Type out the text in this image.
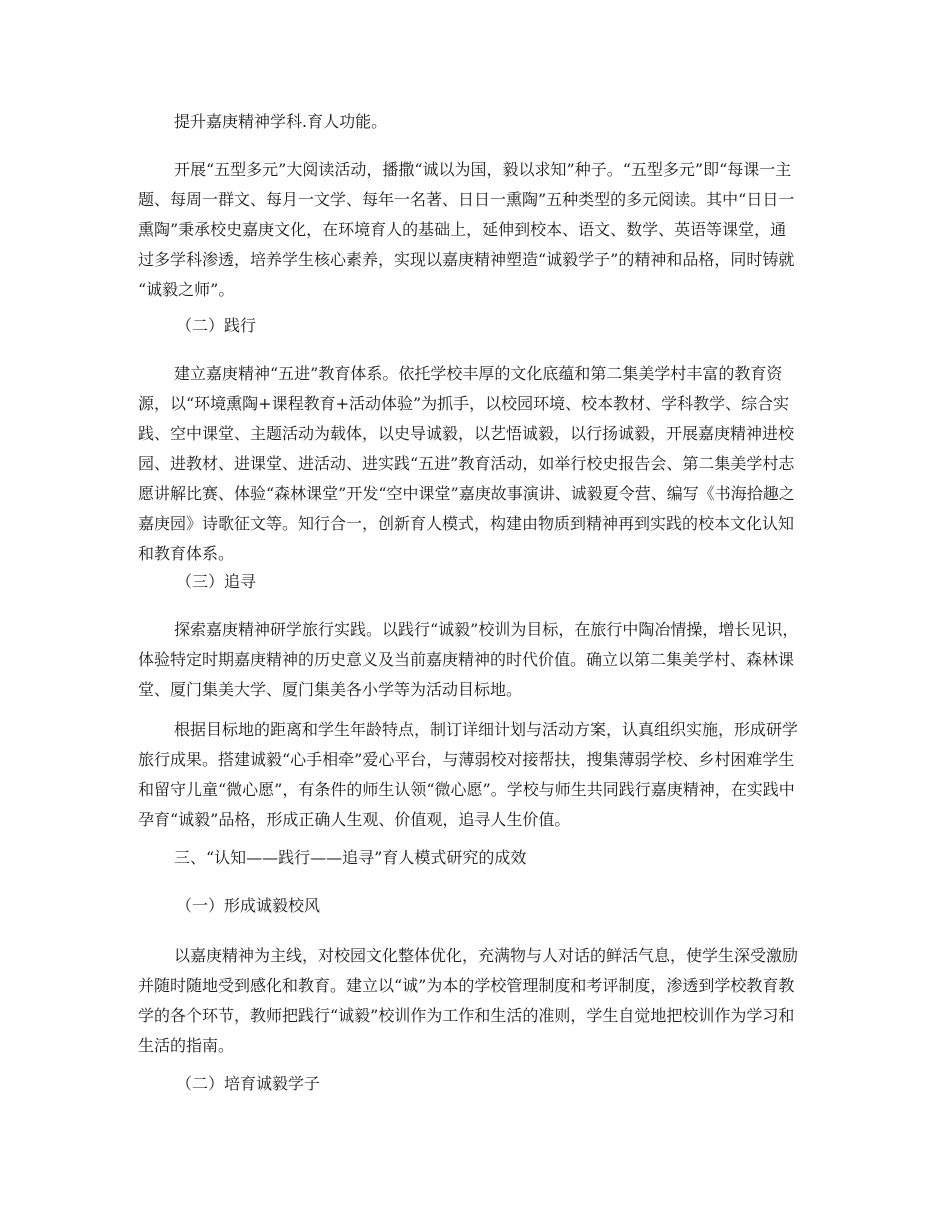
提升嘉庚精神学科.育人功能。
开展“五型多元”大阅读活动，播撒“诚以为国，毅以求知”种子。“五型多元”即“每课一主
题、每周一群文、每月一文学、每年一名著、日日一熏陶”五种类型的多元阅读。其中“日日一
熏陶”秉承校史嘉庚文化，在环境育人的基础上，延伸到校本、语文、数学、英语等课堂，通
过多学科渗透，培养学生核心素养，实现以嘉庚精神塑造“诚毅学子”的精神和品格，同时铸就
“诚毅之师”。
（二）践行
建立嘉庚精神“五进”教育体系。依托学校丰厚的文化底蕴和第二集美学村丰富的教育资
源，以“环境熏陶+课程教育+活动体验”为抓手，以校园环境、校本教材、学科教学、综合实
践、空中课堂、主题活动为载体，以史导诚毅，以艺悟诚毅，以行扬诚毅，开展嘉庚精神进校
园、进教材、进课堂、进活动、进实践“五进”教育活动，如举行校史报告会、第二集美学村志
愿讲解比赛、体验“森林课堂”开发“空中课堂”嘉庚故事演讲、诚毅夏令营、编写《书海拾趣之
嘉庚园》诗歌征文等。知行合一，创新育人模式，构建由物质到精神再到实践的校本文化认知
和教育体系。
（三）追寻
探索嘉庚精神研学旅行实践。以践行“诚毅”校训为目标，在旅行中陶冶情操，增长见识，
体验特定时期嘉庚精神的历史意义及当前嘉庚精神的时代价值。确立以第二集美学村、森林课
堂、厦门集美大学、厦门集美各小学等为活动目标地。
根据目标地的距离和学生年龄特点，制订详细计划与活动方案，认真组织实施，形成研学
旅行成果。搭建诚毅“心手相牵”爱心平台，与薄弱校对接帮扶，搜集薄弱学校、乡村困难学生
和留守儿童“微心愿”，有条件的师生认领“微心愿”。学校与师生共同践行嘉庚精神，在实践中
孕育“诚毅”品格，形成正确人生观、价值观，追寻人生价值。
三、“认知——践行——追寻”育人模式研究的成效
（一）形成诚毅校风
以嘉庚精神为主线，对校园文化整体优化，充满物与人对话的鲜活气息，使学生深受激励
并随时随地受到感化和教育。建立以“诚”为本的学校管理制度和考评制度，渗透到学校教育教
学的各个环节，教师把践行“诚毅”校训作为工作和生活的准则，学生自觉地把校训作为学习和
生活的指南。
（二）培育诚毅学子
